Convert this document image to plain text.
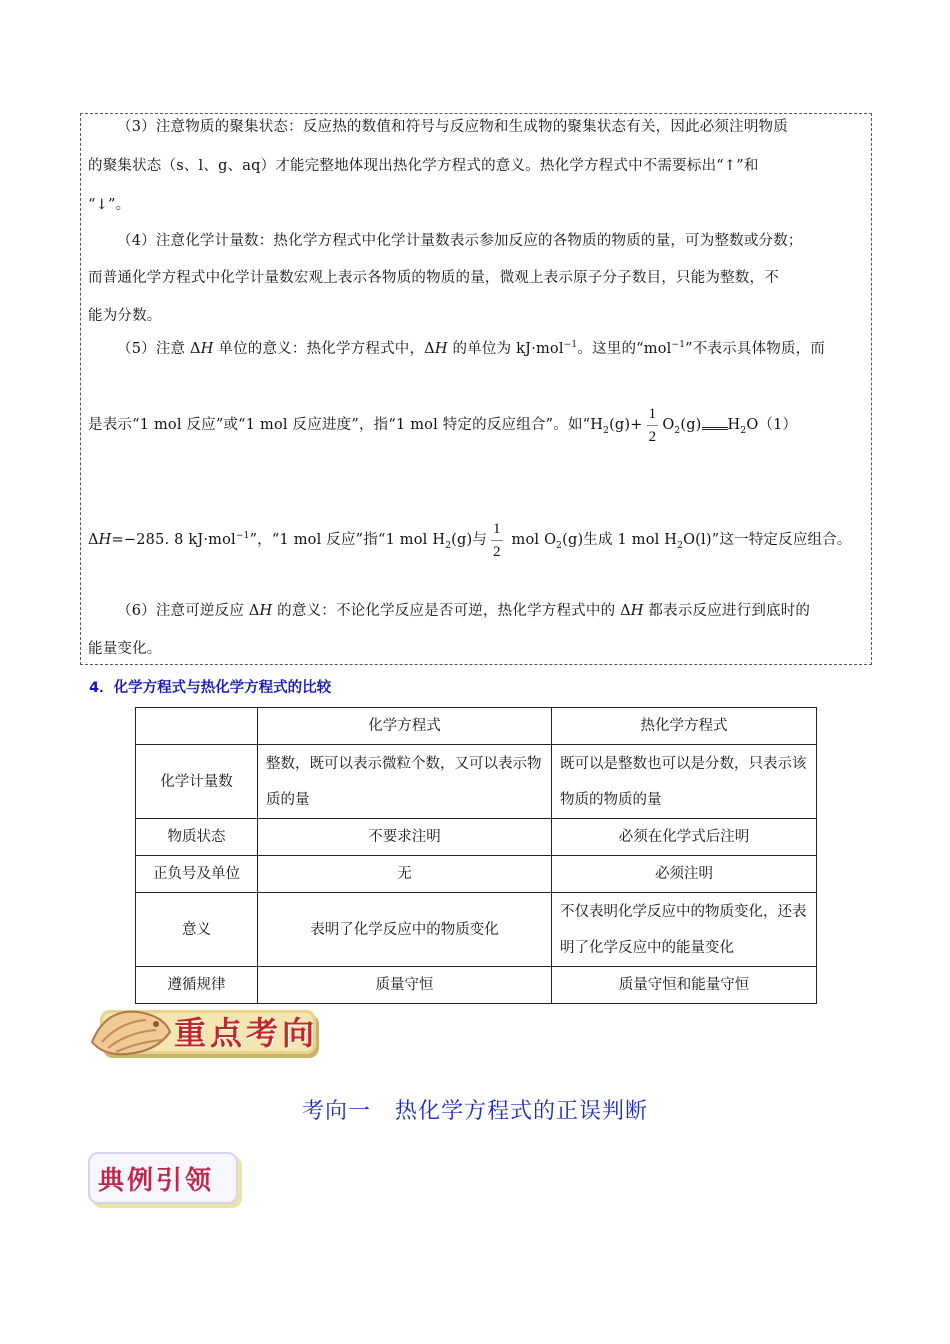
（3）注意物质的聚集状态：反应热的数值和符号与反应物和生成物的聚集状态有关，因此必须注明物质
的聚集状态（s、l、g、aq）才能完整地体现出热化学方程式的意义。热化学方程式中不需要标出“↑”和
“↓”。
（4）注意化学计量数：热化学方程式中化学计量数表示参加反应的各物质的物质的量，可为整数或分数；
而普通化学方程式中化学计量数宏观上表示各物质的物质的量，微观上表示原子分子数目，只能为整数，不
能为分数。
（5）注意 ΔH 单位的意义：热化学方程式中，ΔH 的单位为 kJ·mol$^{-1}$。这里的“mol$^{-1}$”不表示具体物质，而
是表示“1 mol 反应”或“1 mol 反应进度”，指“1 mol 特定的反应组合”。如“$H_2(g)+ \frac{1}{2} O_2(g)$ $H_2O(1)$
ΔH=−285. 8 kJ·mol$^{-1}$”，“1 mol 反应”指“1 mol $H_2(g)$与 $\frac{1}{2}$ mol $O_2(g)$生成 1 mol $H_2O(l)$”这一特定反应组合。
（6）注意可逆反应 ΔH 的意义：不论化学反应是否可逆，热化学方程式中的 ΔH 都表示反应进行到底时的
能量变化。
4．化学方程式与热化学方程式的比较
	化学方程式	热化学方程式
化学计量数	整数，既可以表示微粒个数，又可以表示物质的量	既可以是整数也可以是分数，只表示该物质的物质的量
物质状态	不要求注明	必须在化学式后注明
正负号及单位	无	必须注明
意义	表明了化学反应中的物质变化	不仅表明化学反应中的物质变化，还表明了化学反应中的能量变化
遵循规律	质量守恒	质量守恒和能量守恒
重点考向
考向一 热化学方程式的正误判断
典例引领
